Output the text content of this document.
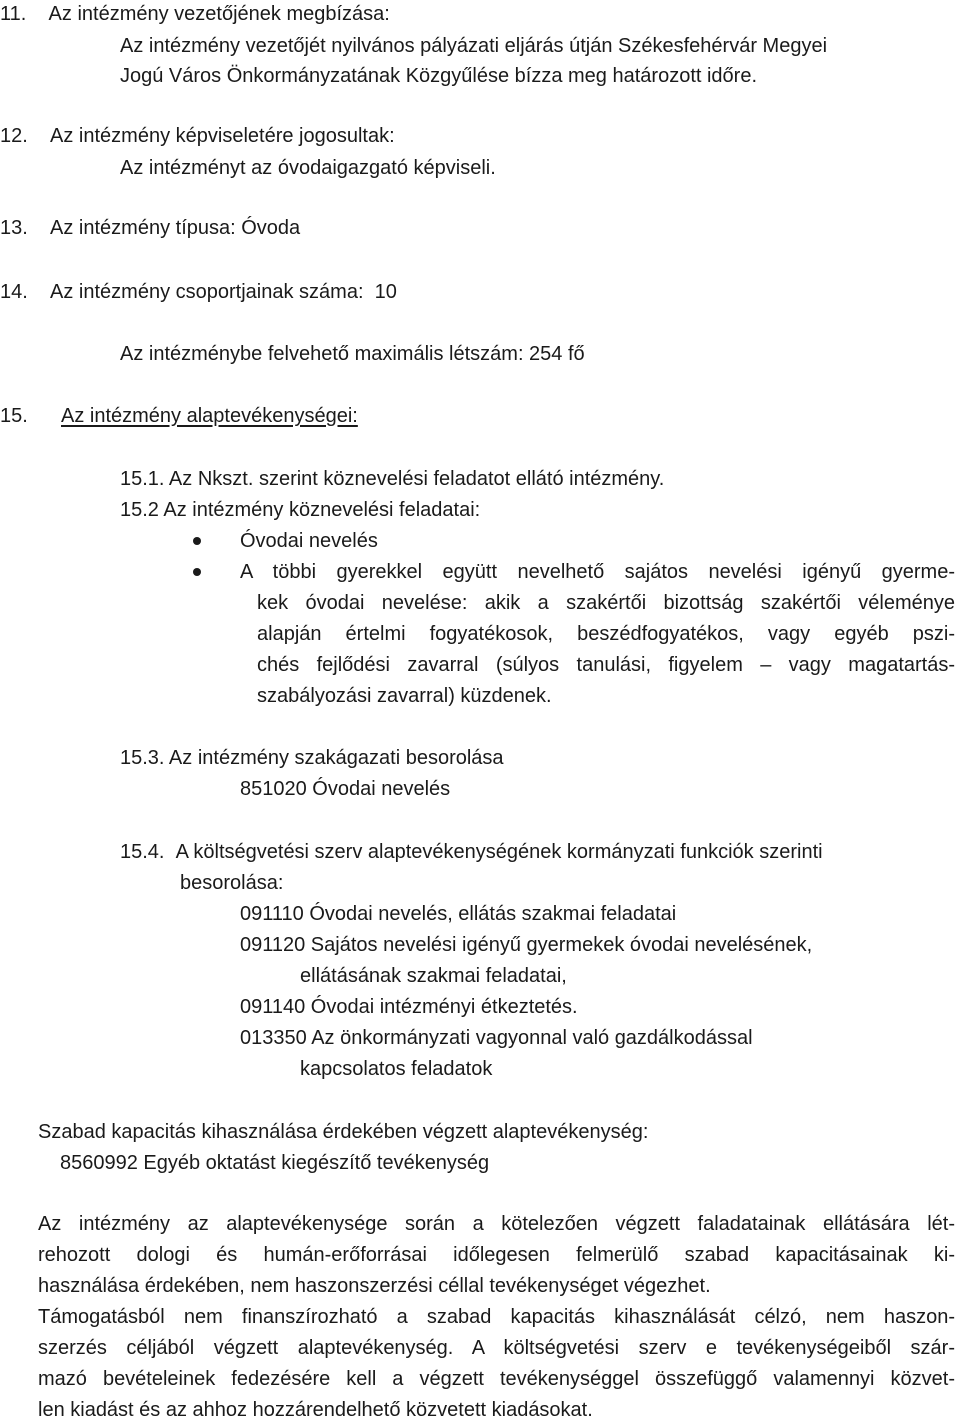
11.    Az intézmény vezetőjének megbízása:
Az intézmény vezetőjét nyilvános pályázati eljárás útján Székesfehérvár Megyei
Jogú Város Önkormányzatának Közgyűlése bízza meg határozott időre.
12.    Az intézmény képviseletére jogosultak:
Az intézményt az óvodaigazgató képviseli.
13.    Az intézmény típusa: Óvoda
14.    Az intézmény csoportjainak száma:  10
Az intézménybe felvehető maximális létszám: 254 fő
15. Az intézmény alaptevékenységei:
15.1. Az Nkszt. szerint köznevelési feladatot ellátó intézmény.
15.2 Az intézmény köznevelési feladatai:
Óvodai nevelés
A többi gyerekkel együtt nevelhető sajátos nevelési igényű gyerme-
kek óvodai nevelése: akik a szakértői bizottság szakértői véleménye
alapján értelmi fogyatékosok, beszédfogyatékos, vagy egyéb pszi-
chés fejlődési zavarral (súlyos tanulási, figyelem – vagy magatartás-
szabályozási zavarral) küzdenek.
15.3. Az intézmény szakágazati besorolása
851020 Óvodai nevelés
15.4.  A költségvetési szerv alaptevékenységének kormányzati funkciók szerinti
besorolása:
091110 Óvodai nevelés, ellátás szakmai feladatai
091120 Sajátos nevelési igényű gyermekek óvodai nevelésének,
ellátásának szakmai feladatai,
091140 Óvodai intézményi étkeztetés.
013350 Az önkormányzati vagyonnal való gazdálkodással
kapcsolatos feladatok
Szabad kapacitás kihasználása érdekében végzett alaptevékenység:
8560992 Egyéb oktatást kiegészítő tevékenység
Az intézmény az alaptevékenysége során a kötelezően végzett faladatainak ellátására lét-
rehozott dologi és humán-erőforrásai időlegesen felmerülő szabad kapacitásainak ki-
használása érdekében, nem haszonszerzési céllal tevékenységet végezhet.
Támogatásból nem finanszírozható a szabad kapacitás kihasználását célzó, nem haszon-
szerzés céljából végzett alaptevékenység. A költségvetési szerv e tevékenységeiből szár-
mazó bevételeinek fedezésére kell a végzett tevékenységgel összefüggő valamennyi közvet-
len kiadást és az ahhoz hozzárendelhető közvetett kiadásokat.
